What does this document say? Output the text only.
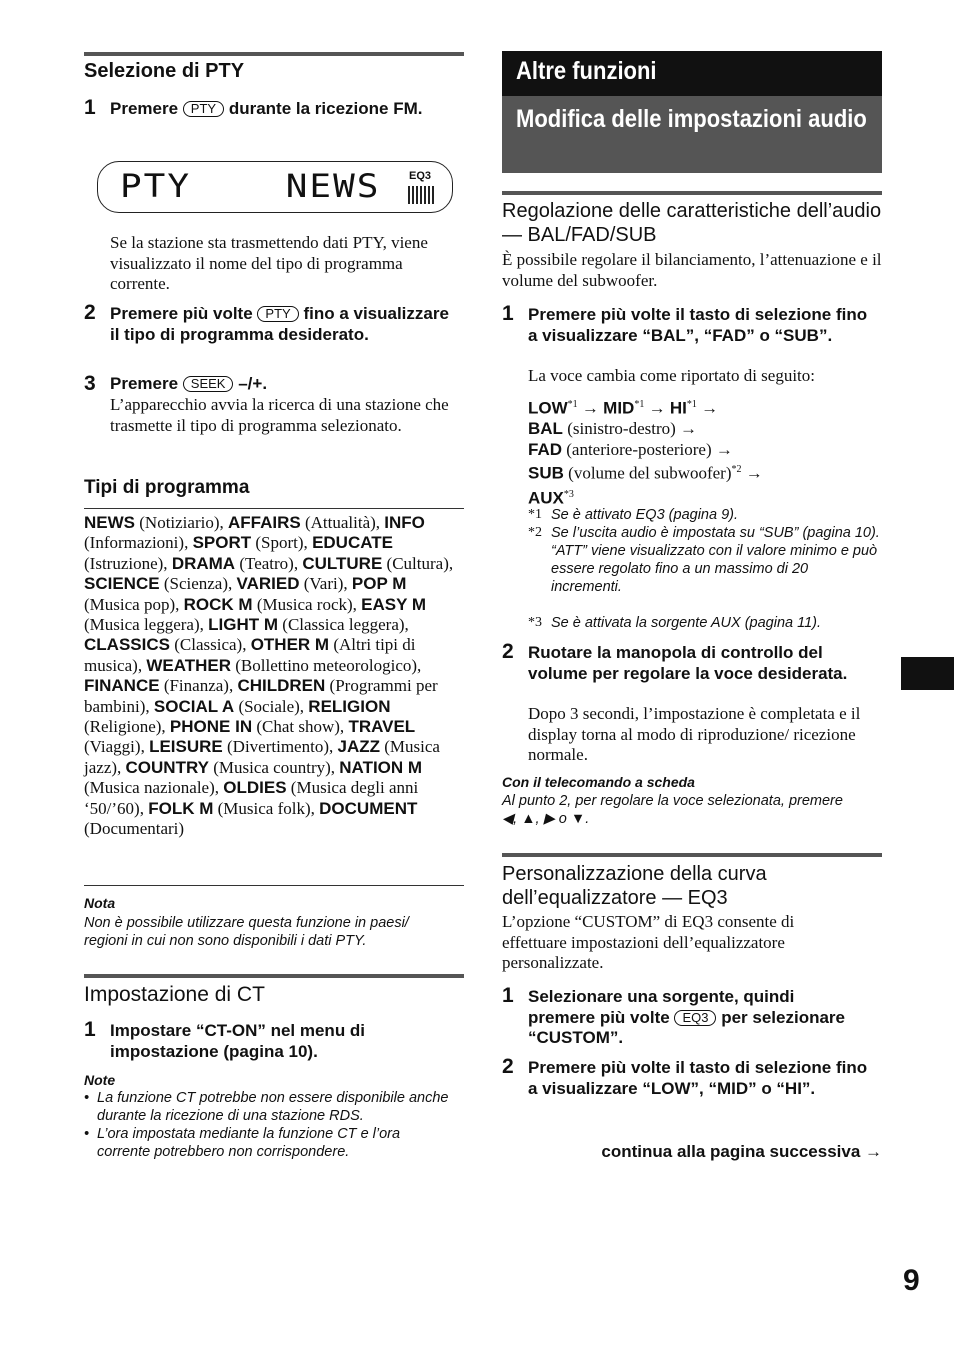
Selezione di PTY
1 Premere PTY durante la ricezione FM.
PTY    NEWS	EQ3
Se la stazione sta trasmettendo dati PTY, viene visualizzato il nome del tipo di programma corrente.
2 Premere più volte PTY fino a visualizzare il tipo di programma desiderato.
3 Premere SEEK –/+.
L’apparecchio avvia la ricerca di una stazione che trasmette il tipo di programma selezionato.
Tipi di programma
NEWS (Notiziario), AFFAIRS (Attualità), INFO (Informazioni), SPORT (Sport), EDUCATE (Istruzione), DRAMA (Teatro), CULTURE (Cultura), SCIENCE (Scienza), VARIED (Vari), POP M (Musica pop), ROCK M (Musica rock), EASY M (Musica leggera), LIGHT M (Classica leggera), CLASSICS (Classica), OTHER M (Altri tipi di musica), WEATHER (Bollettino meteorologico), FINANCE (Finanza), CHILDREN (Programmi per bambini), SOCIAL A (Sociale), RELIGION (Religione), PHONE IN (Chat show), TRAVEL (Viaggi), LEISURE (Divertimento), JAZZ (Musica jazz), COUNTRY (Musica country), NATION M (Musica nazionale), OLDIES (Musica degli anni ‘50/’60), FOLK M (Musica folk), DOCUMENT (Documentari)
Nota
Non è possibile utilizzare questa funzione in paesi/ regioni in cui non sono disponibili i dati PTY.
Impostazione di CT
1 Impostare “CT-ON” nel menu di impostazione (pagina 10).
Note
• La funzione CT potrebbe non essere disponibile anche durante la ricezione di una stazione RDS.
• L’ora impostata mediante la funzione CT e l’ora corrente potrebbero non corrispondere.
Altre funzioni
Modifica delle impostazioni audio
Regolazione delle caratteristiche dell’audio — BAL/FAD/SUB
È possibile regolare il bilanciamento, l’attenuazione e il volume del subwoofer.
1 Premere più volte il tasto di selezione fino a visualizzare “BAL”, “FAD” o “SUB”.
La voce cambia come riportato di seguito:
$LOW^{*1} \to MID^{*1} \to HI^{*1}$ →
BAL (sinistro-destro) →
FAD (anteriore-posteriore) →
SUB (volume del subwoofer)$^{*2}$ →
$AUX^{*3}$
*1 Se è attivato EQ3 (pagina 9).
*2 Se l’uscita audio è impostata su “SUB” (pagina 10). “ATT” viene visualizzato con il valore minimo e può essere regolato fino a un massimo di 20 incrementi.
*3 Se è attivata la sorgente AUX (pagina 11).
2 Ruotare la manopola di controllo del volume per regolare la voce desiderata.
Dopo 3 secondi, l’impostazione è completata e il display torna al modo di riproduzione/ ricezione normale.
Con il telecomando a scheda
Al punto 2, per regolare la voce selezionata, premere
◀, ▲, ▶ o ▼.
Personalizzazione della curva dell’equalizzatore — EQ3
L’opzione “CUSTOM” di EQ3 consente di effettuare impostazioni dell’equalizzatore personalizzate.
1 Selezionare una sorgente, quindi premere più volte EQ3 per selezionare “CUSTOM”.
2 Premere più volte il tasto di selezione fino a visualizzare “LOW”, “MID” o “HI”.
continua alla pagina successiva →
9
